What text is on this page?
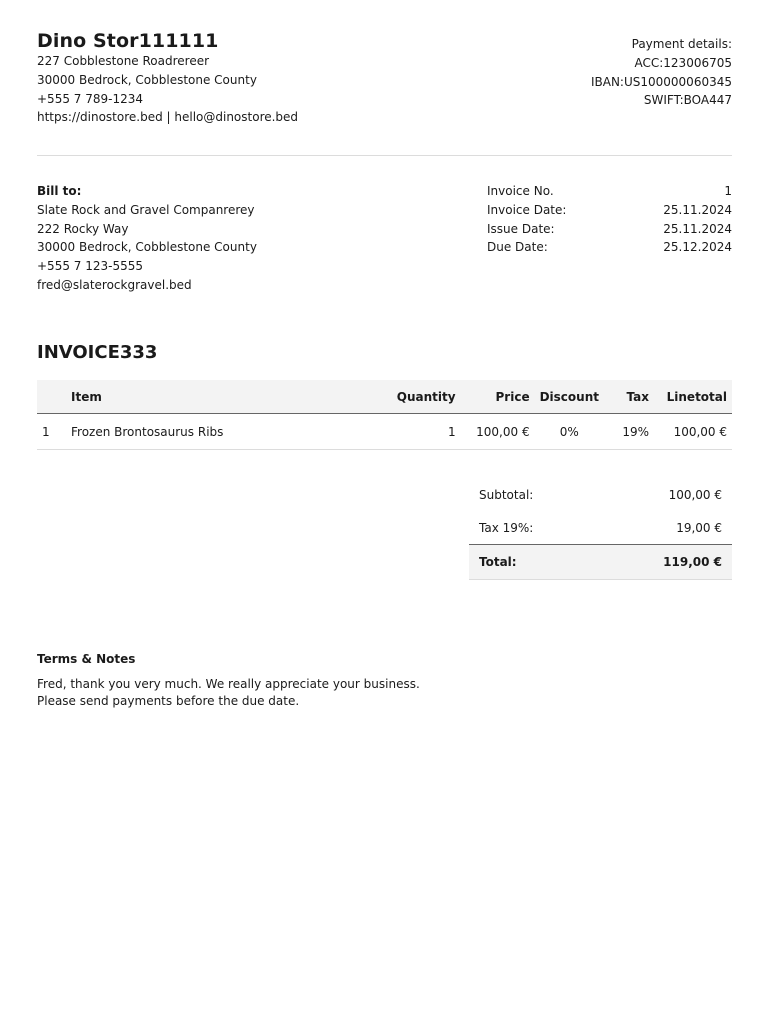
Dino Stor111111
227 Cobblestone Roadrereer
30000 Bedrock, Cobblestone County
+555 7 789-1234
https://dinostore.bed | hello@dinostore.bed
Payment details:
ACC:123006705
IBAN:US100000060345
SWIFT:BOA447
Bill to:
Slate Rock and Gravel Companrerey
222 Rocky Way
30000 Bedrock, Cobblestone County
+555 7 123-5555
fred@slaterockgravel.bed
Invoice No.	1
Invoice Date:	25.11.2024
Issue Date:	25.11.2024
Due Date:	25.12.2024
INVOICE333
	Item	Quantity	Price	Discount	Tax	Linetotal
1	Frozen Brontosaurus Ribs	1	100,00 €	0%	19%	100,00 €
Subtotal:	100,00 €
Tax 19%:	19,00 €
Total:	119,00 €
Terms & Notes
Fred, thank you very much. We really appreciate your business.
Please send payments before the due date.
